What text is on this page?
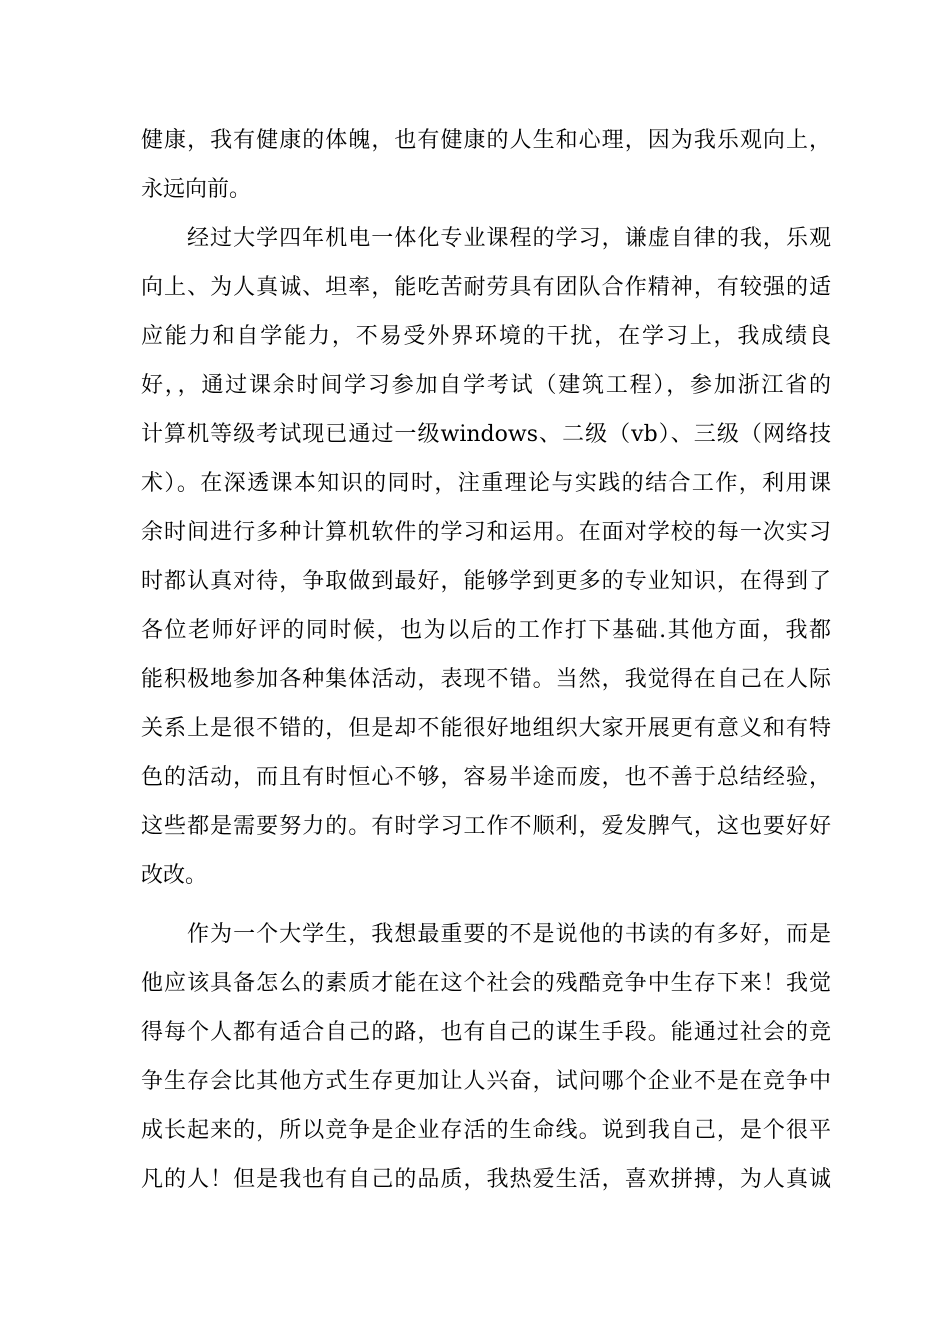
健康，我有健康的体魄，也有健康的人生和心理，因为我乐观向上，
永远向前。
经过大学四年机电一体化专业课程的学习，谦虚自律的我，乐观
向上、为人真诚、坦率，能吃苦耐劳具有团队合作精神，有较强的适
应能力和自学能力，不易受外界环境的干扰，在学习上，我成绩良
好，，通过课余时间学习参加自学考试（建筑工程），参加浙江省的
计算机等级考试现已通过一级windows、二级（vb）、三级（网络技
术）。在深透课本知识的同时，注重理论与实践的结合工作，利用课
余时间进行多种计算机软件的学习和运用。在面对学校的每一次实习
时都认真对待，争取做到最好，能够学到更多的专业知识，在得到了
各位老师好评的同时候，也为以后的工作打下基础.其他方面，我都
能积极地参加各种集体活动，表现不错。当然，我觉得在自己在人际
关系上是很不错的，但是却不能很好地组织大家开展更有意义和有特
色的活动，而且有时恒心不够，容易半途而废，也不善于总结经验，
这些都是需要努力的。有时学习工作不顺利，爱发脾气，这也要好好
改改。
作为一个大学生，我想最重要的不是说他的书读的有多好，而是
他应该具备怎么的素质才能在这个社会的残酷竞争中生存下来！我觉
得每个人都有适合自己的路，也有自己的谋生手段。能通过社会的竞
争生存会比其他方式生存更加让人兴奋，试问哪个企业不是在竞争中
成长起来的，所以竞争是企业存活的生命线。说到我自己，是个很平
凡的人！但是我也有自己的品质，我热爱生活，喜欢拼搏，为人真诚
